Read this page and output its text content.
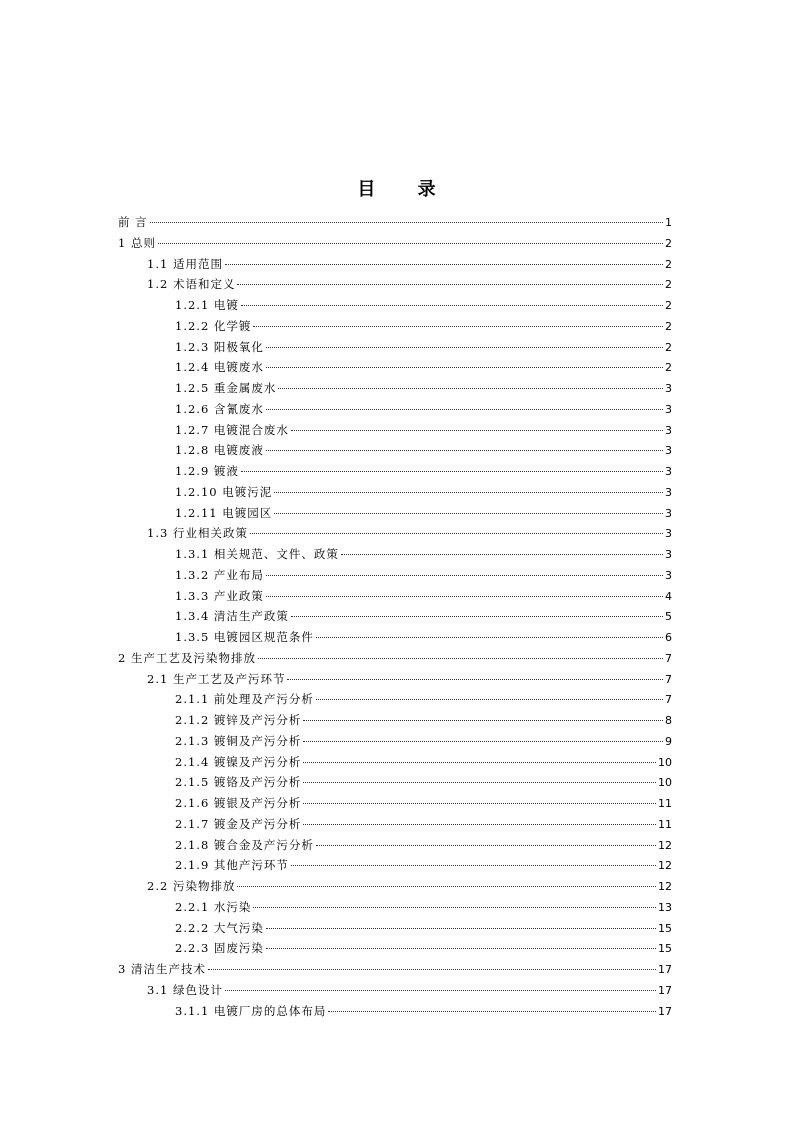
目 录
前 言	1
1 总则	2
1.1 适用范围	2
1.2 术语和定义	2
1.2.1 电镀	2
1.2.2 化学镀	2
1.2.3 阳极氧化	2
1.2.4 电镀废水	2
1.2.5 重金属废水	3
1.2.6 含氰废水	3
1.2.7 电镀混合废水	3
1.2.8 电镀废液	3
1.2.9 镀液	3
1.2.10 电镀污泥	3
1.2.11 电镀园区	3
1.3 行业相关政策	3
1.3.1 相关规范、文件、政策	3
1.3.2 产业布局	3
1.3.3 产业政策	4
1.3.4 清洁生产政策	5
1.3.5 电镀园区规范条件	6
2 生产工艺及污染物排放	7
2.1 生产工艺及产污环节	7
2.1.1 前处理及产污分析	7
2.1.2 镀锌及产污分析	8
2.1.3 镀铜及产污分析	9
2.1.4 镀镍及产污分析	10
2.1.5 镀铬及产污分析	10
2.1.6 镀银及产污分析	11
2.1.7 镀金及产污分析	11
2.1.8 镀合金及产污分析	12
2.1.9 其他产污环节	12
2.2 污染物排放	12
2.2.1 水污染	13
2.2.2 大气污染	15
2.2.3 固废污染	15
3 清洁生产技术	17
3.1 绿色设计	17
3.1.1 电镀厂房的总体布局	17
